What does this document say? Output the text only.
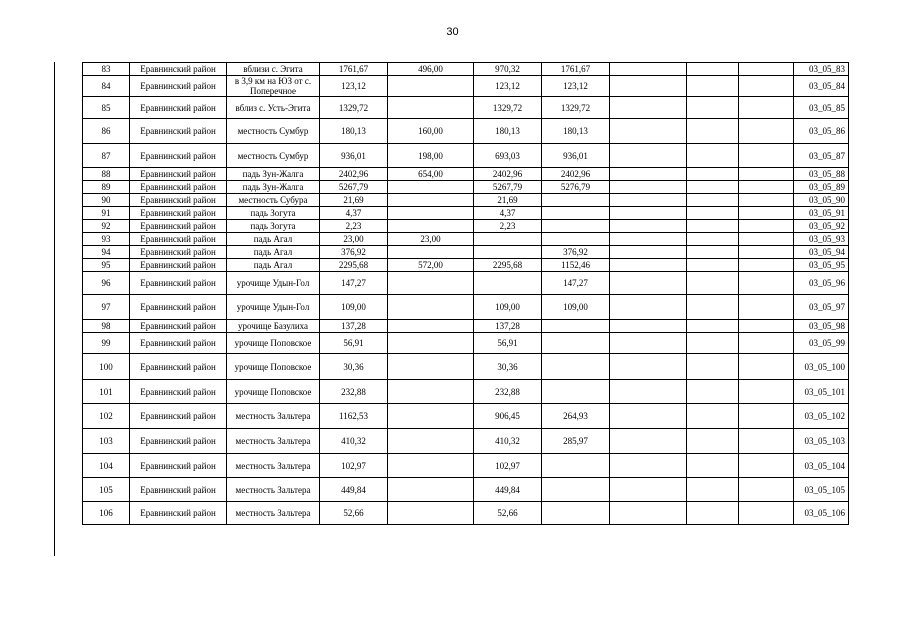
30
83	Еравнинский район	вблизи с. Эгита	1761,67	496,00	970,32	1761,67				03_05_83
84	Еравнинский район	в 3,9 км на ЮЗ от с. Поперечное	123,12		123,12	123,12				03_05_84
85	Еравнинский район	вблиз с. Усть-Эгита	1329,72		1329,72	1329,72				03_05_85
86	Еравнинский район	местность Сумбур	180,13	160,00	180,13	180,13				03_05_86
87	Еравнинский район	местность Сумбур	936,01	198,00	693,03	936,01				03_05_87
88	Еравнинский район	падь Зун-Жалга	2402,96	654,00	2402,96	2402,96				03_05_88
89	Еравнинский район	падь Зун-Жалга	5267,79		5267,79	5276,79				03_05_89
90	Еравнинский район	местность Субура	21,69		21,69					03_05_90
91	Еравнинский район	падь Зогута	4,37		4,37					03_05_91
92	Еравнинский район	падь Зогута	2,23		2,23					03_05_92
93	Еравнинский район	падь Агал	23,00	23,00						03_05_93
94	Еравнинский район	падь Агал	376,92			376,92				03_05_94
95	Еравнинский район	падь Агал	2295,68	572,00	2295,68	1152,46				03_05_95
96	Еравнинский район	урочище Удын-Гол	147,27			147,27				03_05_96
97	Еравнинский район	урочище Удын-Гол	109,00		109,00	109,00				03_05_97
98	Еравнинский район	урочище Базулиха	137,28		137,28					03_05_98
99	Еравнинский район	урочище Поповское	56,91		56,91					03_05_99
100	Еравнинский район	урочище Поповское	30,36		30,36					03_05_100
101	Еравнинский район	урочище Поповское	232,88		232,88					03_05_101
102	Еравнинский район	местность Зальтера	1162,53		906,45	264,93				03_05_102
103	Еравнинский район	местность Зальтера	410,32		410,32	285,97				03_05_103
104	Еравнинский район	местность Зальтера	102,97		102,97					03_05_104
105	Еравнинский район	местность Зальтера	449,84		449,84					03_05_105
106	Еравнинский район	местность Зальтера	52,66		52,66					03_05_106
